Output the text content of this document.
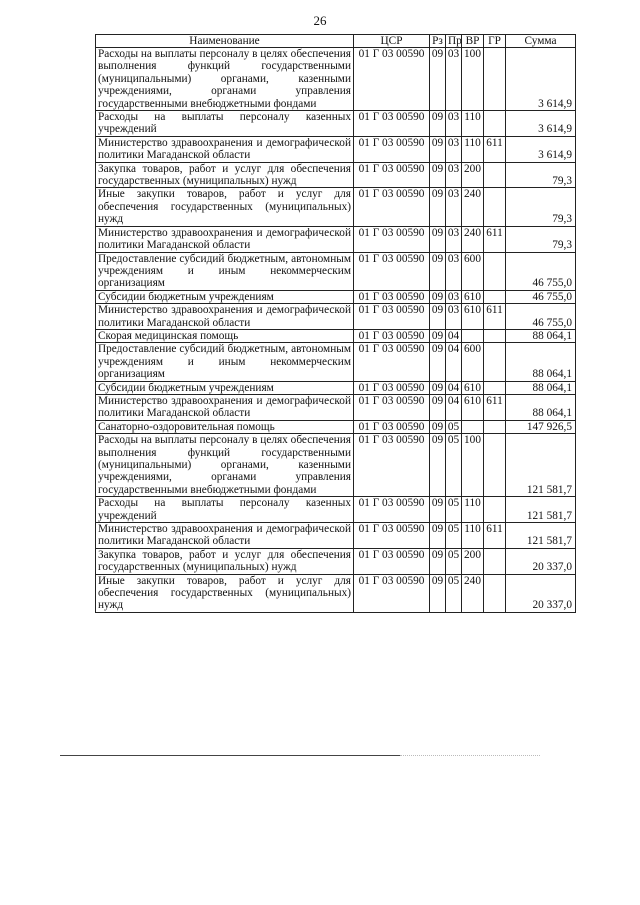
26
Наименование	ЦСР	Рз	Пр	ВР	ГР	Сумма
Расходы на выплаты персоналу в целях обеспечения выполнения функций государственными (муниципальными) органами, казенными учреждениями, органами управления государственными внебюджетными фондами	01 Г 03 00590	09	03	100		3 614,9
Расходы на выплаты персоналу казенных учреждений	01 Г 03 00590	09	03	110		3 614,9
Министерство здравоохранения и демографической политики Магаданской области	01 Г 03 00590	09	03	110	611	3 614,9
Закупка товаров, работ и услуг для обеспечения государственных (муниципальных) нужд	01 Г 03 00590	09	03	200		79,3
Иные закупки товаров, работ и услуг для обеспечения государственных (муниципальных) нужд	01 Г 03 00590	09	03	240		79,3
Министерство здравоохранения и демографической политики Магаданской области	01 Г 03 00590	09	03	240	611	79,3
Предоставление субсидий бюджетным, автономным учреждениям и иным некоммерческим организациям	01 Г 03 00590	09	03	600		46 755,0
Субсидии бюджетным учреждениям	01 Г 03 00590	09	03	610		46 755,0
Министерство здравоохранения и демографической политики Магаданской области	01 Г 03 00590	09	03	610	611	46 755,0
Скорая медицинская помощь	01 Г 03 00590	09	04			88 064,1
Предоставление субсидий бюджетным, автономным учреждениям и иным некоммерческим организациям	01 Г 03 00590	09	04	600		88 064,1
Субсидии бюджетным учреждениям	01 Г 03 00590	09	04	610		88 064,1
Министерство здравоохранения и демографической политики Магаданской области	01 Г 03 00590	09	04	610	611	88 064,1
Санаторно-оздоровительная помощь	01 Г 03 00590	09	05			147 926,5
Расходы на выплаты персоналу в целях обеспечения выполнения функций государственными (муниципальными) органами, казенными учреждениями, органами управления государственными внебюджетными фондами	01 Г 03 00590	09	05	100		121 581,7
Расходы на выплаты персоналу казенных учреждений	01 Г 03 00590	09	05	110		121 581,7
Министерство здравоохранения и демографической политики Магаданской области	01 Г 03 00590	09	05	110	611	121 581,7
Закупка товаров, работ и услуг для обеспечения государственных (муниципальных) нужд	01 Г 03 00590	09	05	200		20 337,0
Иные закупки товаров, работ и услуг для обеспечения государственных (муниципальных) нужд	01 Г 03 00590	09	05	240		20 337,0
